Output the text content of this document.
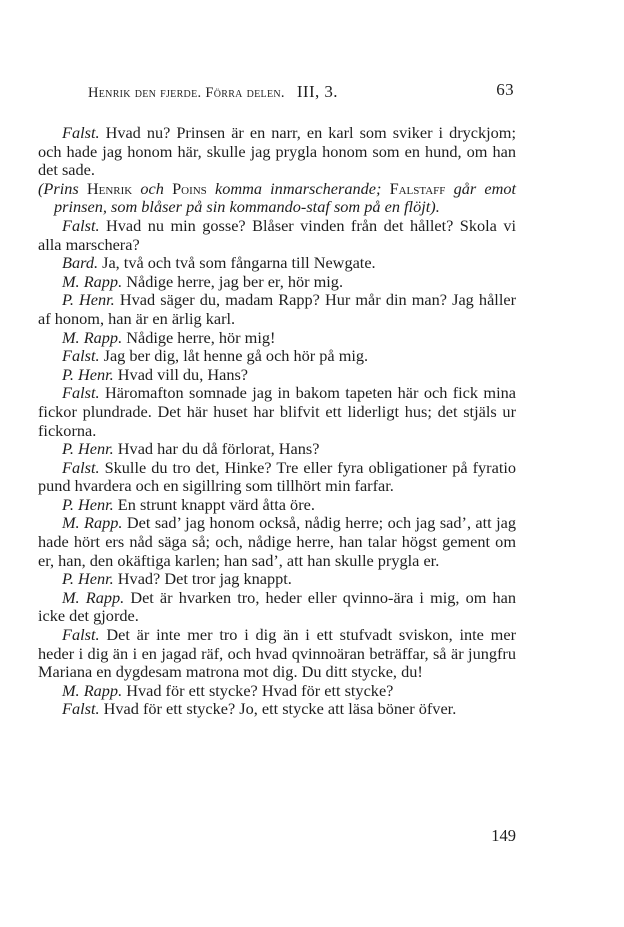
Henrik den fjerde. Förra delen. III, 3.	63

Falst. Hvad nu? Prinsen är en narr, en karl som sviker i dryckjom; och hade jag honom här, skulle jag prygla honom som en hund, om han det sade.

(Prins Henrik och Poins komma inmarscherande; Falstaff går emot prinsen, som blåser på sin kommando-staf som på en flöjt).

Falst. Hvad nu min gosse? Blåser vinden från det hållet? Skola vi alla marschera?

Bard. Ja, två och två som fångarna till Newgate.

M. Rapp. Nådige herre, jag ber er, hör mig.

P. Henr. Hvad säger du, madam Rapp? Hur mår din man? Jag håller af honom, han är en ärlig karl.

M. Rapp. Nådige herre, hör mig!

Falst. Jag ber dig, låt henne gå och hör på mig.

P. Henr. Hvad vill du, Hans?

Falst. Häromafton somnade jag in bakom tapeten här och fick mina fickor plundrade. Det här huset har blifvit ett liderligt hus; det stjäls ur fickorna.

P. Henr. Hvad har du då förlorat, Hans?

Falst. Skulle du tro det, Hinke? Tre eller fyra obligationer på fyratio pund hvardera och en sigillring som tillhört min farfar.

P. Henr. En strunt knappt värd åtta öre.

M. Rapp. Det sad’ jag honom också, nådig herre; och jag sad’, att jag hade hört ers nåd säga så; och, nådige herre, han talar högst gement om er, han, den okäftiga karlen; han sad’, att han skulle prygla er.

P. Henr. Hvad? Det tror jag knappt.

M. Rapp. Det är hvarken tro, heder eller qvinno-ära i mig, om han icke det gjorde.

Falst. Det är inte mer tro i dig än i ett stufvadt sviskon, inte mer heder i dig än i en jagad räf, och hvad qvinnoäran beträffar, så är jungfru Mariana en dygdesam matrona mot dig. Du ditt stycke, du!

M. Rapp. Hvad för ett stycke? Hvad för ett stycke?

Falst. Hvad för ett stycke? Jo, ett stycke att läsa böner öfver.

149
